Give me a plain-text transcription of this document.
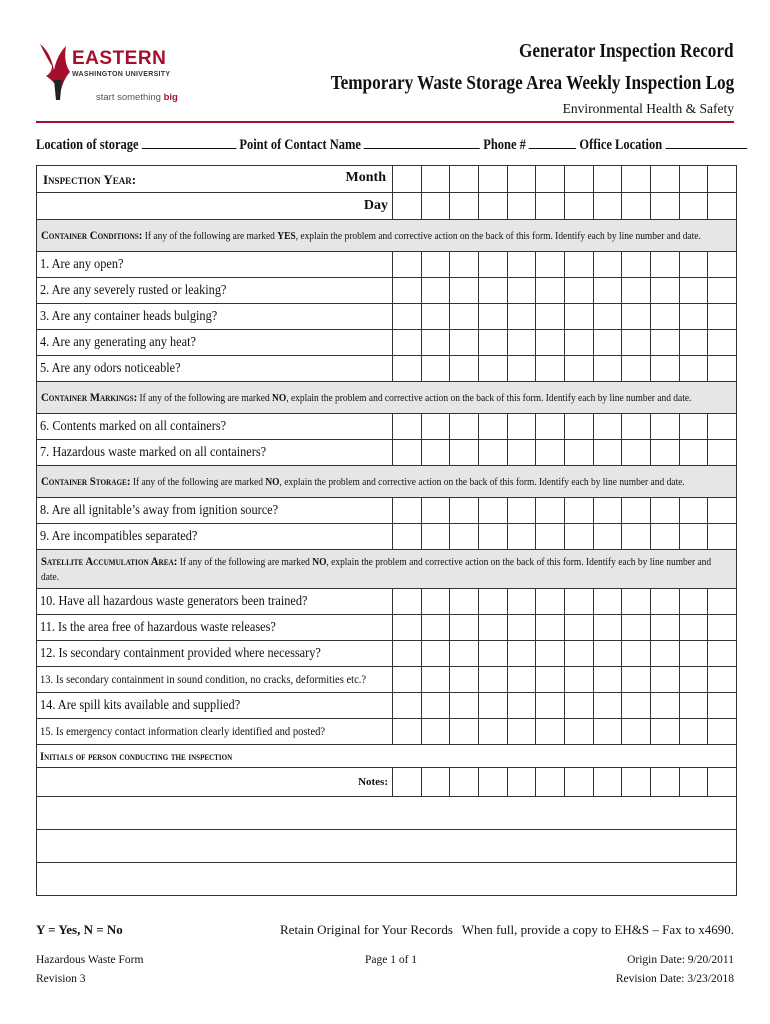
EASTERN
WASHINGTON UNIVERSITY
start something big
Generator Inspection Record
Temporary Waste Storage Area Weekly Inspection Log
Environmental Health & Safety
Location of storage	Point of Contact Name	Phone #	Office Location
Inspection Year: Month												

Day												

Container Conditions: If any of the following are marked YES, explain the problem and corrective action on the back of this form. Identify each by line number and date.												

1. Are any open?												
2. Are any severely rusted or leaking?												
3. Are any container heads bulging?												
4. Are any generating any heat?												
5. Are any odors noticeable?												

Container Markings: If any of the following are marked NO, explain the problem and corrective action on the back of this form. Identify each by line number and date.												

6. Contents marked on all containers?												
7. Hazardous waste marked on all containers?												

Container Storage: If any of the following are marked NO, explain the problem and corrective action on the back of this form. Identify each by line number and date.												

8. Are all ignitable’s away from ignition source?												
9. Are incompatibles separated?												

Satellite Accumulation Area: If any of the following are marked NO, explain the problem and corrective action on the back of this form. Identify each by line number and date.												

10. Have all hazardous waste generators been trained?												
11. Is the area free of hazardous waste releases?												
12. Is secondary containment provided where necessary?												
13. Is secondary containment in sound condition, no cracks, deformities etc.?												
14. Are spill kits available and supplied?												
15. Is emergency contact information clearly identified and posted?												
Initials of person conducting the inspection												
Notes:												

Y = Yes, N = No	Retain Original for Your Records When full, provide a copy to EH&S – Fax to x4690.
Hazardous Waste Form
Revision 3
Page 1 of 1	Origin Date: 9/20/2011
Revision Date: 3/23/2018
